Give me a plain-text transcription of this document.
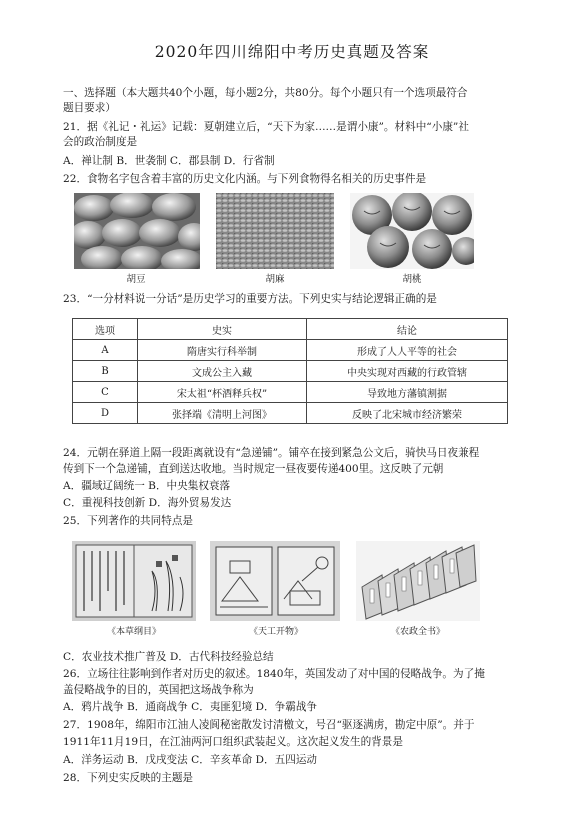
2020年四川绵阳中考历史真题及答案
一、选择题（本大题共40个小题，每小题2分，共80分。每个小题只有一个选项最符合
题目要求）
21．据《礼记・礼运》记载：夏朝建立后，“天下为家……是谓小康”。材料中“小康”社
会的政治制度是
A．禅让制 B．世袭制 C．郡县制 D．行省制
22．食物名字包含着丰富的历史文化内涵。与下列食物得名相关的历史事件是
胡豆	胡麻	胡桃
23．“一分材料说一分话”是历史学习的重要方法。下列史实与结论逻辑正确的是
选项	史实	结论
A	隋唐实行科举制	形成了人人平等的社会
B	文成公主入藏	中央实现对西藏的行政管辖
C	宋太祖“杯酒释兵权”	导致地方藩镇割据
D	张择端《清明上河图》	反映了北宋城市经济繁荣
24．元朝在驿道上隔一段距离就设有“急递铺”。铺卒在接到紧急公文后，骑快马日夜兼程
传到下一个急递铺，直到送达收地。当时规定一昼夜要传递400里。这反映了元朝
A．疆域辽阔统一 B．中央集权衰落
C．重视科技创新 D．海外贸易发达
25．下列著作的共同特点是
《本草纲目》	《天工开物》	《农政全书》
C．农业技术推广普及 D．古代科技经验总结
26．立场往往影响到作者对历史的叙述。1840年，英国发动了对中国的侵略战争。为了掩
盖侵略战争的目的，英国把这场战争称为
A．鸦片战争 B．通商战争 C．夷匪犯境 D．争霸战争
27．1908年，绵阳市江油人凌阆秘密散发讨清檄文，号召“驱逐满虏，勘定中原”。并于
1911年11月19日，在江油两河口组织武装起义。这次起义发生的背景是
A．洋务运动 B．戊戌变法 C．辛亥革命 D．五四运动
28．下列史实反映的主题是
